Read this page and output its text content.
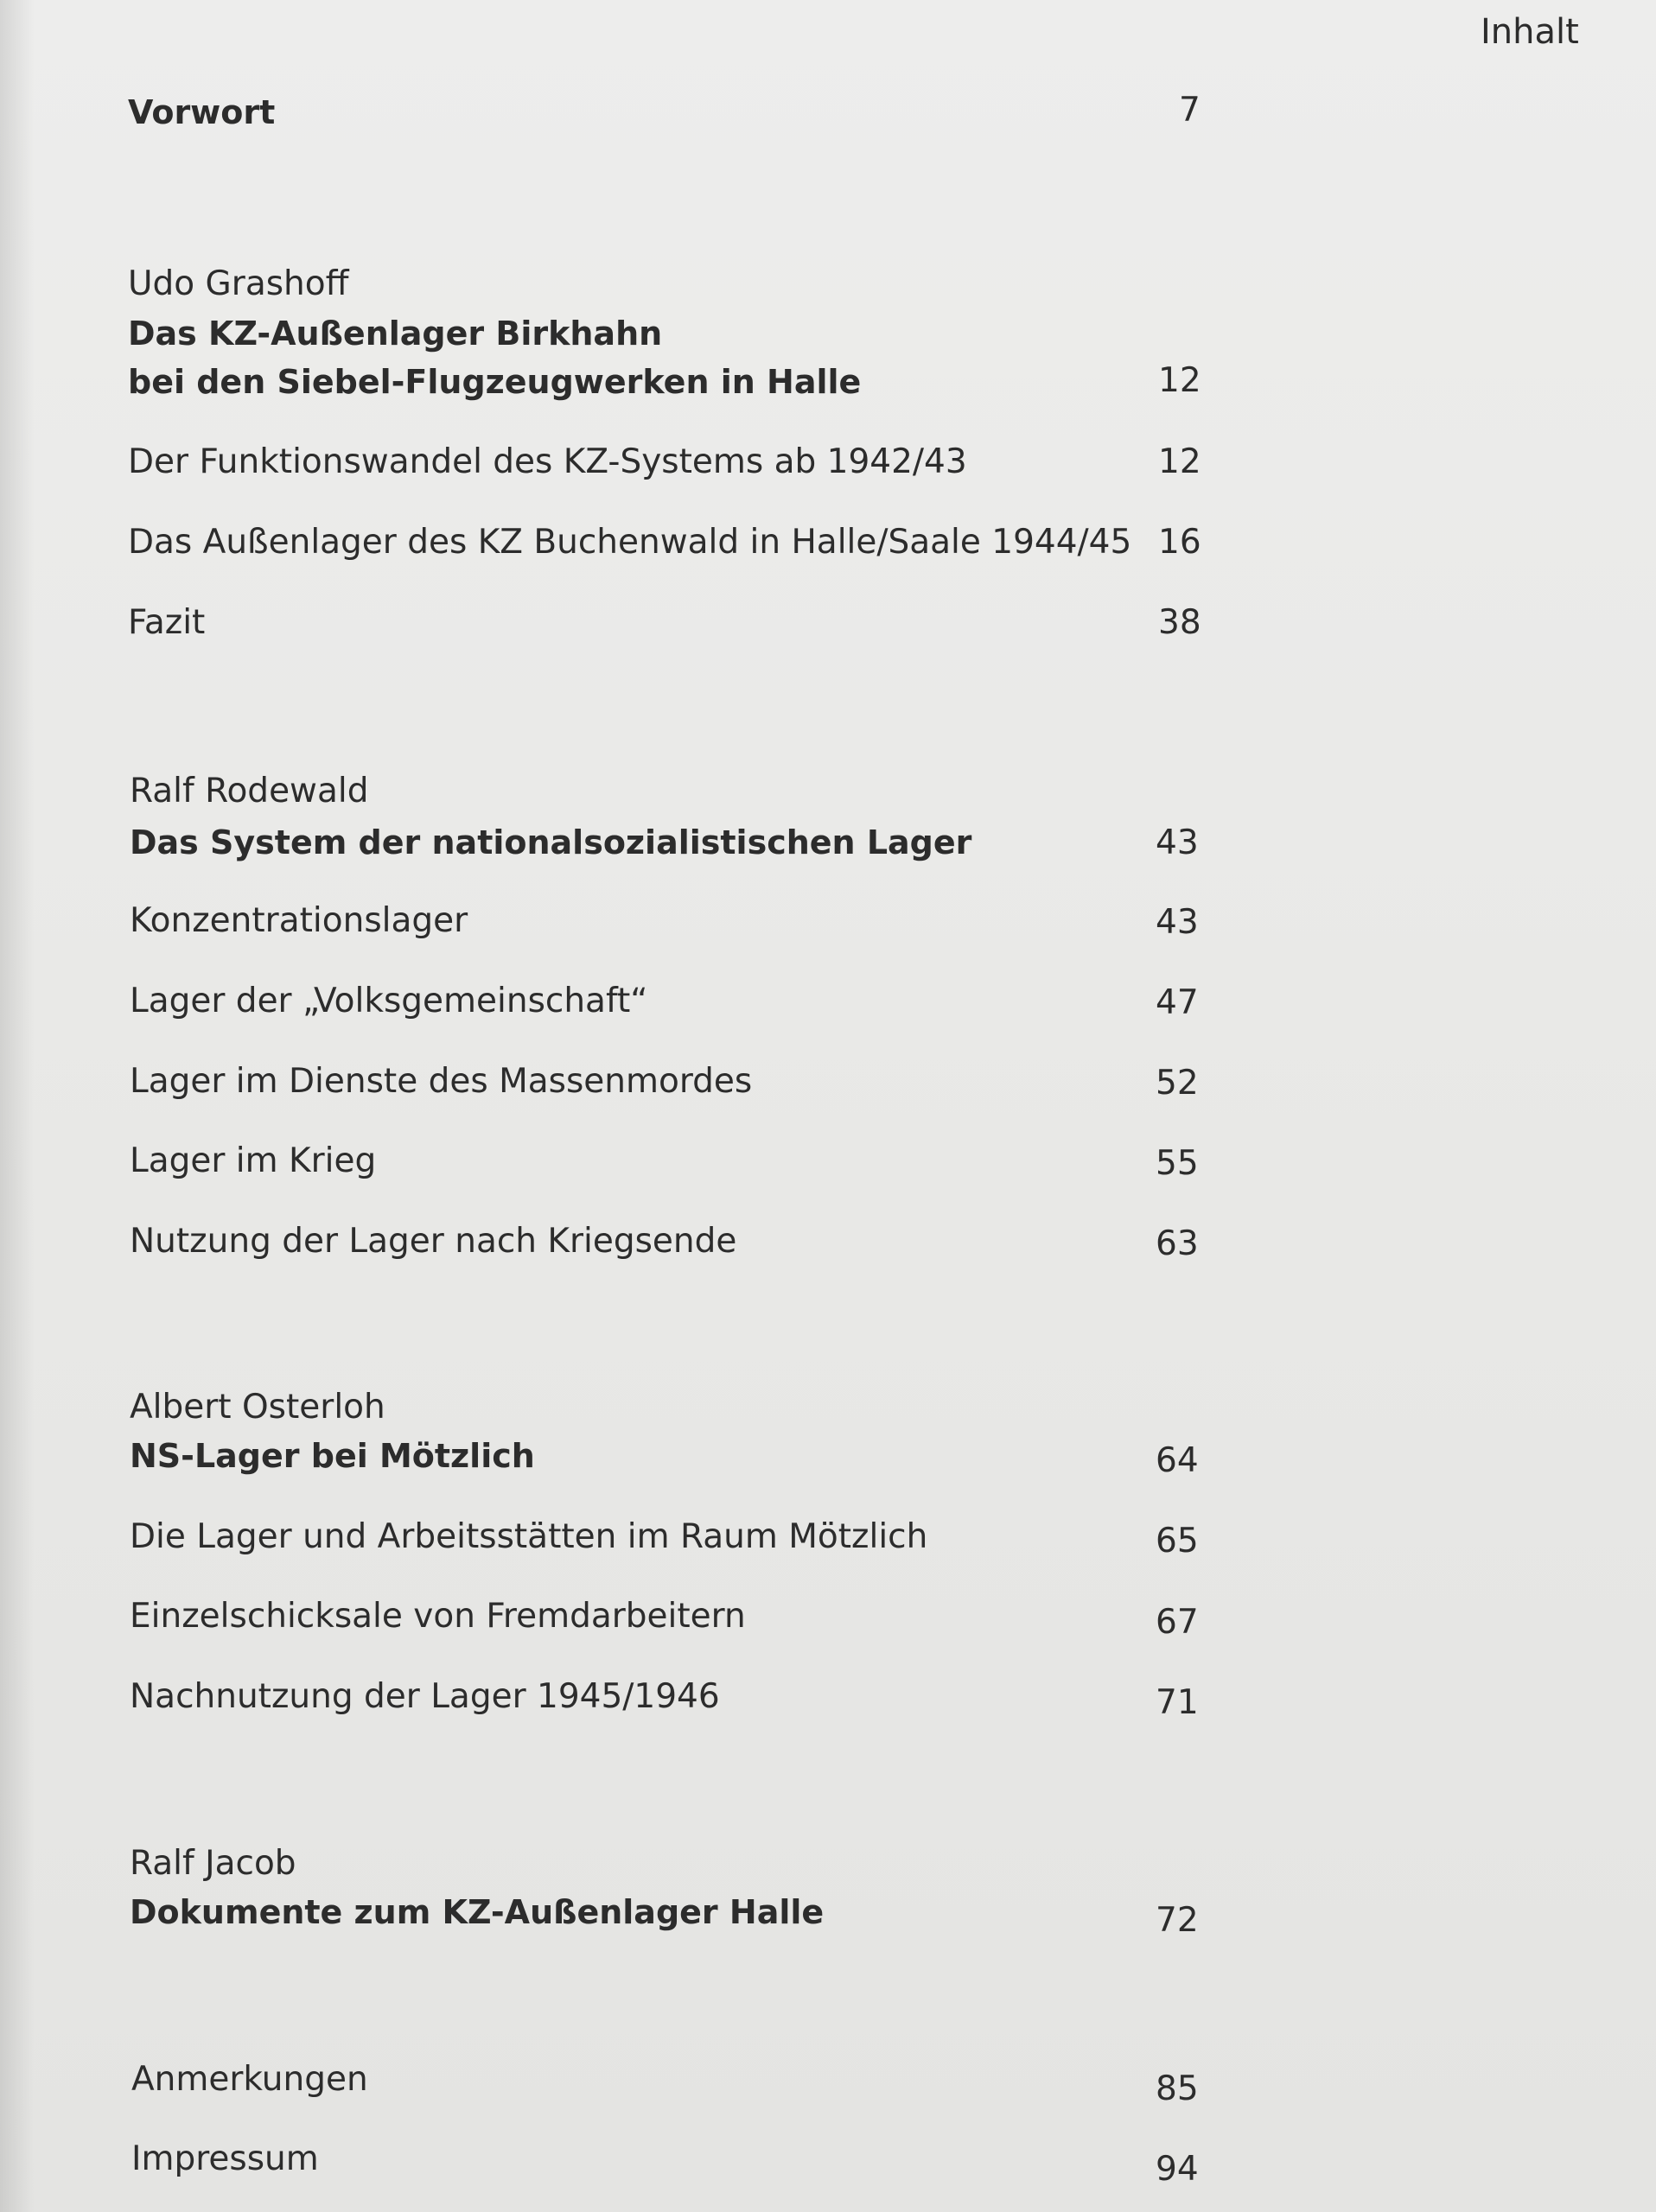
Inhalt
Vorwort	7
Udo Grashoff
Das KZ-Außenlager Birkhahn
bei den Siebel-Flugzeugwerken in Halle	12
Der Funktionswandel des KZ-Systems ab 1942/43	12
Das Außenlager des KZ Buchenwald in Halle/Saale 1944/45 16
Fazit	38
Ralf Rodewald
Das System der nationalsozialistischen Lager	43
Konzentrationslager	43
Lager der „Volksgemeinschaft“	47
Lager im Dienste des Massenmordes	52
Lager im Krieg	55
Nutzung der Lager nach Kriegsende	63
Albert Osterloh
NS-Lager bei Mötzlich	64
Die Lager und Arbeitsstätten im Raum Mötzlich	65
Einzelschicksale von Fremdarbeitern	67
Nachnutzung der Lager 1945/1946	71
Ralf Jacob
Dokumente zum KZ-Außenlager Halle	72
Anmerkungen	85
Impressum	94
